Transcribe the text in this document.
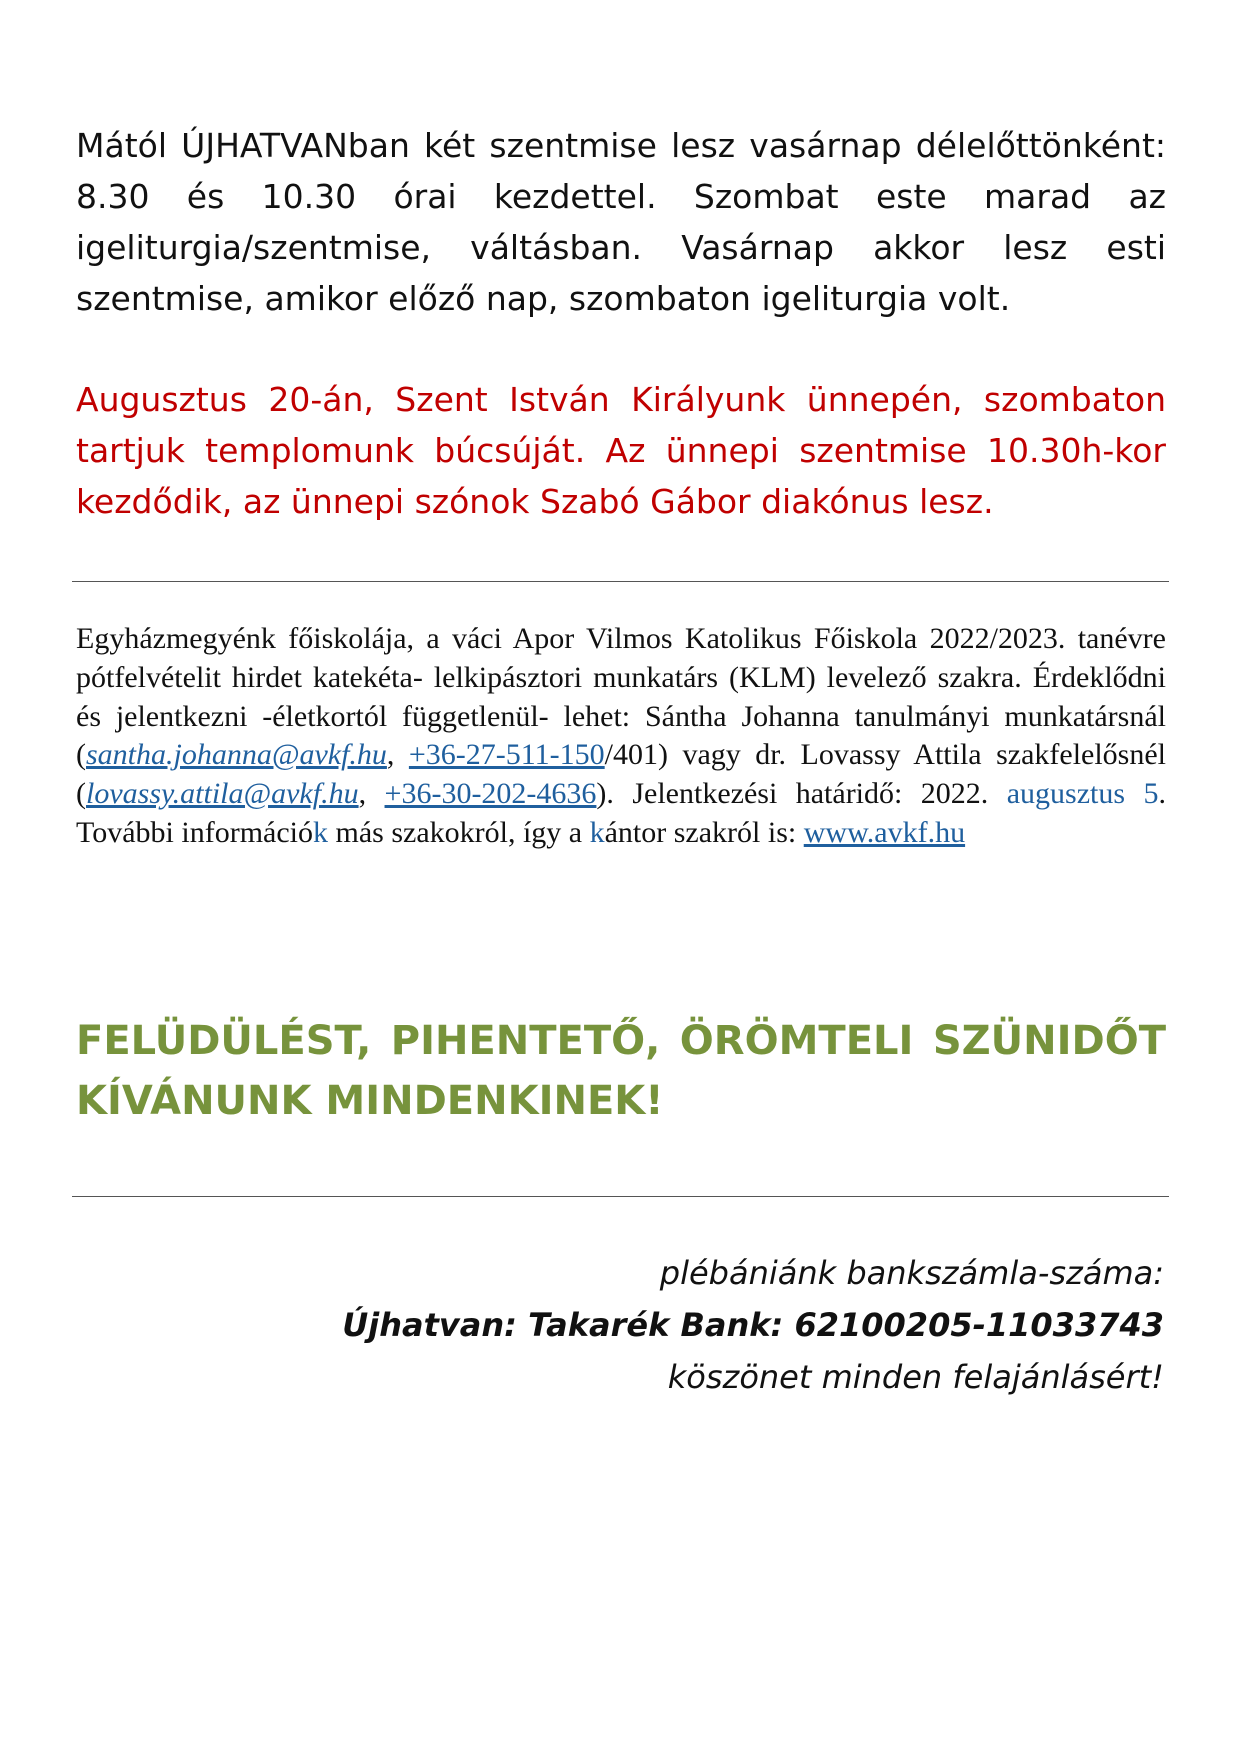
Mától ÚJHATVANban két szentmise lesz vasárnap délelőttönként: 8.30 és 10.30 órai kezdettel. Szombat este marad az igeliturgia/szentmise, váltásban. Vasárnap akkor lesz esti szentmise, amikor előző nap, szombaton igeliturgia volt.

Augusztus 20-án, Szent István Királyunk ünnepén, szombaton tartjuk templomunk búcsúját. Az ünnepi szentmise 10.30h-kor kezdődik, az ünnepi szónok Szabó Gábor diakónus lesz.

Egyházmegyénk főiskolája, a váci Apor Vilmos Katolikus Főiskola 2022/2023. tanévre pótfelvételit hirdet katekéta- lelkipásztori munkatárs (KLM) levelező szakra. Érdeklődni és jelentkezni -életkortól függetlenül- lehet: Sántha Johanna tanulmányi munkatársnál (santha.johanna@avkf.hu, +36-27-511-150/401) vagy dr. Lovassy Attila szakfelelősnél (lovassy.attila@avkf.hu, +36-30-202-4636). Jelentkezési határidő: 2022. augusztus 5. További információk más szakokról, így a kántor szakról is: www.avkf.hu

FELÜDÜLÉST, PIHENTETŐ, ÖRÖMTELI SZÜNIDŐT KÍVÁNUNK MINDENKINEK!

plébániánk bankszámla-száma:
Újhatvan: Takarék Bank: 62100205-11033743
köszönet minden felajánlásért!
